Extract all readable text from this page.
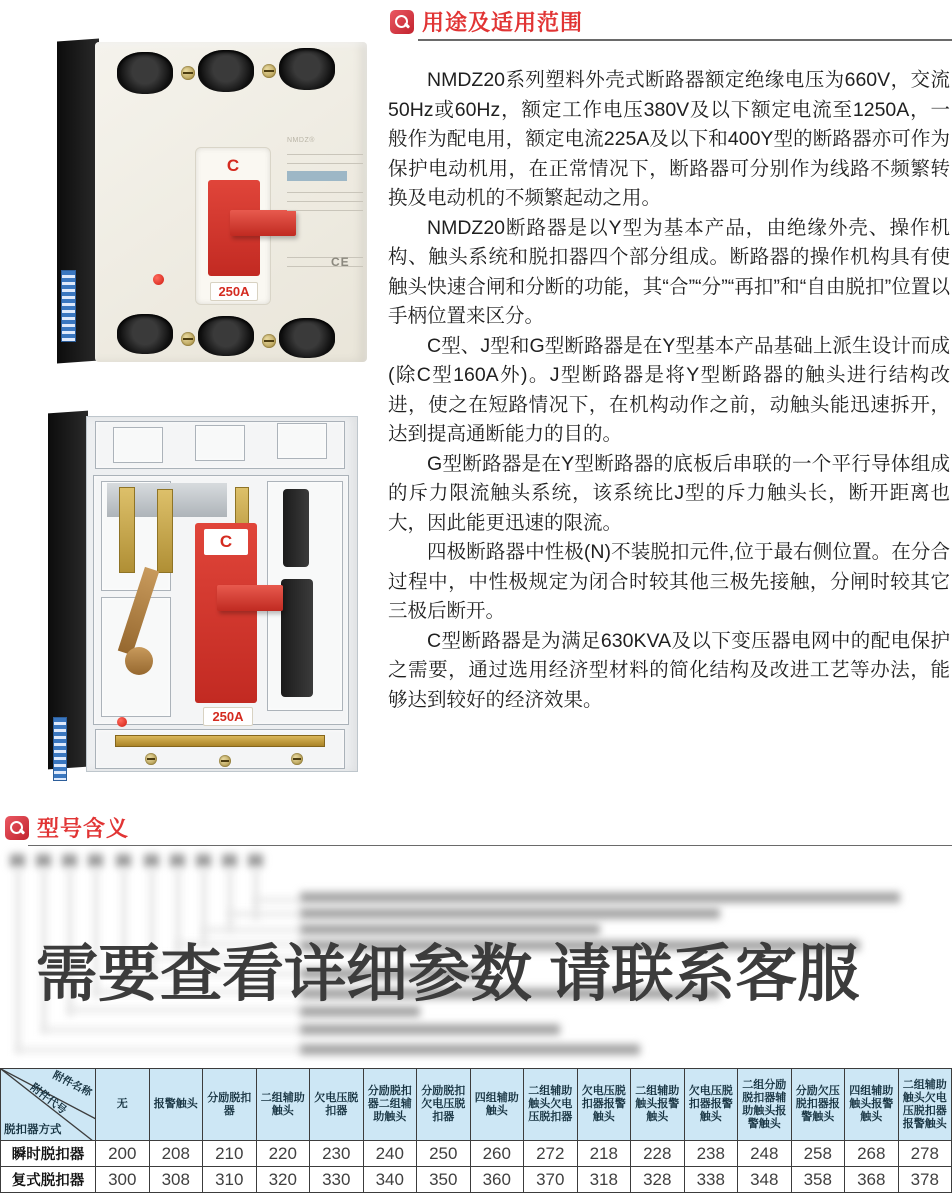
用途及适用范围

NMDZ20系列塑料外壳式断路器额定绝缘电压为660V，交流50Hz或60Hz，额定工作电压380V及以下额定电流至1250A，一般作为配电用，额定电流225A及以下和400Y型的断路器亦可作为保护电动机用，在正常情况下，断路器可分别作为线路不频繁转换及电动机的不频繁起动之用。

NMDZ20断路器是以Y型为基本产品，由绝缘外壳、操作机构、触头系统和脱扣器四个部分组成。断路器的操作机构具有使触头快速合闸和分断的功能，其“合”“分”“再扣”和“自由脱扣”位置以手柄位置来区分。

C型、J型和G型断路器是在Y型基本产品基础上派生设计而成(除C型160A外)。J型断路器是将Y型断路器的触头进行结构改进，使之在短路情况下，在机构动作之前，动触头能迅速拆开，达到提高通断能力的目的。

G型断路器是在Y型断路器的底板后串联的一个平行导体组成的斥力限流触头系统，该系统比J型的斥力触头长，断开距离也大，因此能更迅速的限流。

四极断路器中性极(N)不装脱扣元件,位于最右侧位置。在分合过程中，中性极规定为闭合时较其他三极先接触，分闸时较其它三极后断开。

C型断路器是为满足630KVA及以下变压器电网中的配电保护之需要，通过选用经济型材料的简化结构及改进工艺等办法，能够达到较好的经济效果。

C
250A
NMDZ®
CE
C
250A
型号含义
需要查看详细参数 请联系客服
附件名称
附件代号
脱扣器方式	无	报警触头	分励脱扣器	二组辅助触头	欠电压脱扣器	分励脱扣器二组辅助触头	分励脱扣欠电压脱扣器	四组辅助触头	二组辅助触头欠电压脱扣器	欠电压脱扣器报警触头	二组辅助触头报警触头	欠电压脱扣器报警触头	二组分励脱扣器辅助触头报警触头	分励欠压脱扣器报警触头	四组辅助触头报警触头	二组辅助触头欠电压脱扣器报警触头
瞬时脱扣器	200	208	210	220	230	240	250	260	272	218	228	238	248	258	268	278
复式脱扣器	300	308	310	320	330	340	350	360	370	318	328	338	348	358	368	378
